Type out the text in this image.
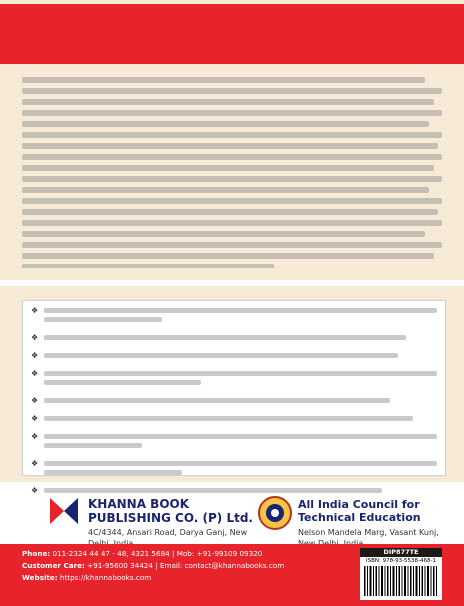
❖
❖
❖
❖
❖
❖
❖
❖
❖
KHANNA BOOK PUBLISHING CO. (P) Ltd.
4C/4344, Ansari Road, Darya Ganj, New
All India Council for Technical Education
Nelson Mandela Marg, Vasant Kunj,
Phone: 011-2324 44 47 - 48, 4321 5684 | Mob: +91-99109 09320
Customer Care: +91-95600 34424 | Email: contact@khannabooks.com
Website: https://khannabooks.com
DIP877TE
ISBN: 978-93-5538-468-1
